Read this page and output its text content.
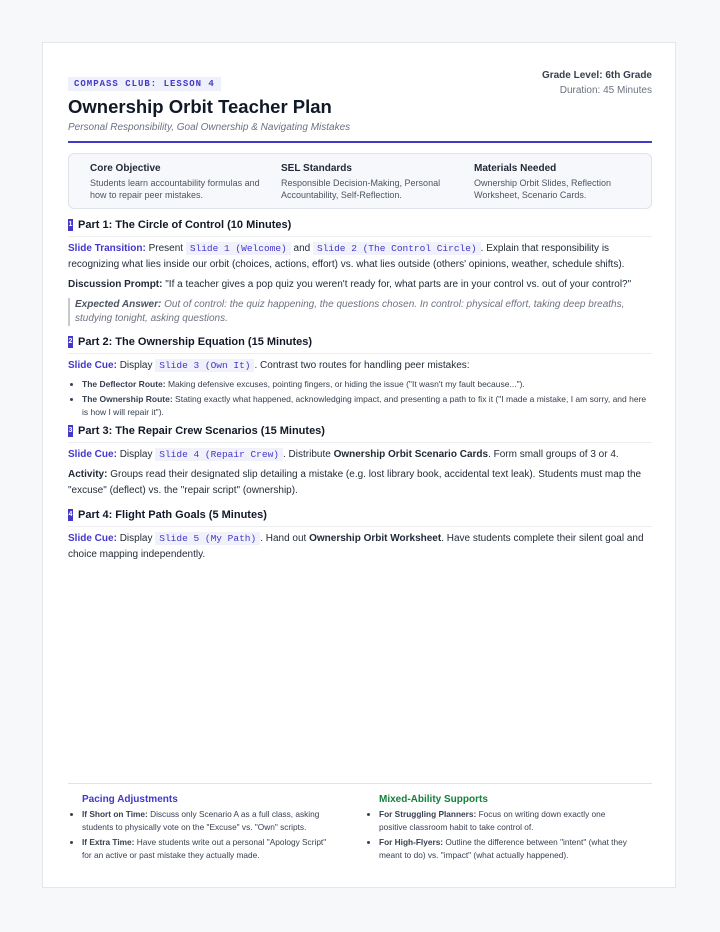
COMPASS CLUB: LESSON 4
Grade Level: 6th Grade
Duration: 45 Minutes
Ownership Orbit Teacher Plan
Personal Responsibility, Goal Ownership & Navigating Mistakes
Core Objective
Students learn accountability formulas and how to repair peer mistakes.
SEL Standards
Responsible Decision-Making, Personal Accountability, Self-Reflection.
Materials Needed
Ownership Orbit Slides, Reflection Worksheet, Scenario Cards.
1 Part 1: The Circle of Control (10 Minutes)
Slide Transition: Present Slide 1 (Welcome) and Slide 2 (The Control Circle) . Explain that responsibility is recognizing what lies inside our orbit (choices, actions, effort) vs. what lies outside (others' opinions, weather, schedule shifts).
Discussion Prompt: "If a teacher gives a pop quiz you weren't ready for, what parts are in your control vs. out of your control?"
Expected Answer: Out of control: the quiz happening, the questions chosen. In control: physical effort, taking deep breaths, studying tonight, asking questions.
2 Part 2: The Ownership Equation (15 Minutes)
Slide Cue: Display Slide 3 (Own It) . Contrast two routes for handling peer mistakes:
• The Deflector Route: Making defensive excuses, pointing fingers, or hiding the issue ("It wasn't my fault because...").
• The Ownership Route: Stating exactly what happened, acknowledging impact, and presenting a path to fix it ("I made a mistake, I am sorry, and here is how I will repair it").
3 Part 3: The Repair Crew Scenarios (15 Minutes)
Slide Cue: Display Slide 4 (Repair Crew) . Distribute Ownership Orbit Scenario Cards. Form small groups of 3 or 4.
Activity: Groups read their designated slip detailing a mistake (e.g. lost library book, accidental text leak). Students must map the "excuse" (deflect) vs. the "repair script" (ownership).
4 Part 4: Flight Path Goals (5 Minutes)
Slide Cue: Display Slide 5 (My Path) . Hand out Ownership Orbit Worksheet. Have students complete their silent goal and choice mapping independently.
Pacing Adjustments
• If Short on Time: Discuss only Scenario A as a full class, asking students to physically vote on the "Excuse" vs. "Own" scripts.
• If Extra Time: Have students write out a personal "Apology Script" for an active or past mistake they actually made.
Mixed-Ability Supports
• For Struggling Planners: Focus on writing down exactly one positive classroom habit to take control of.
• For High-Flyers: Outline the difference between "intent" (what they meant to do) vs. "impact" (what actually happened).
